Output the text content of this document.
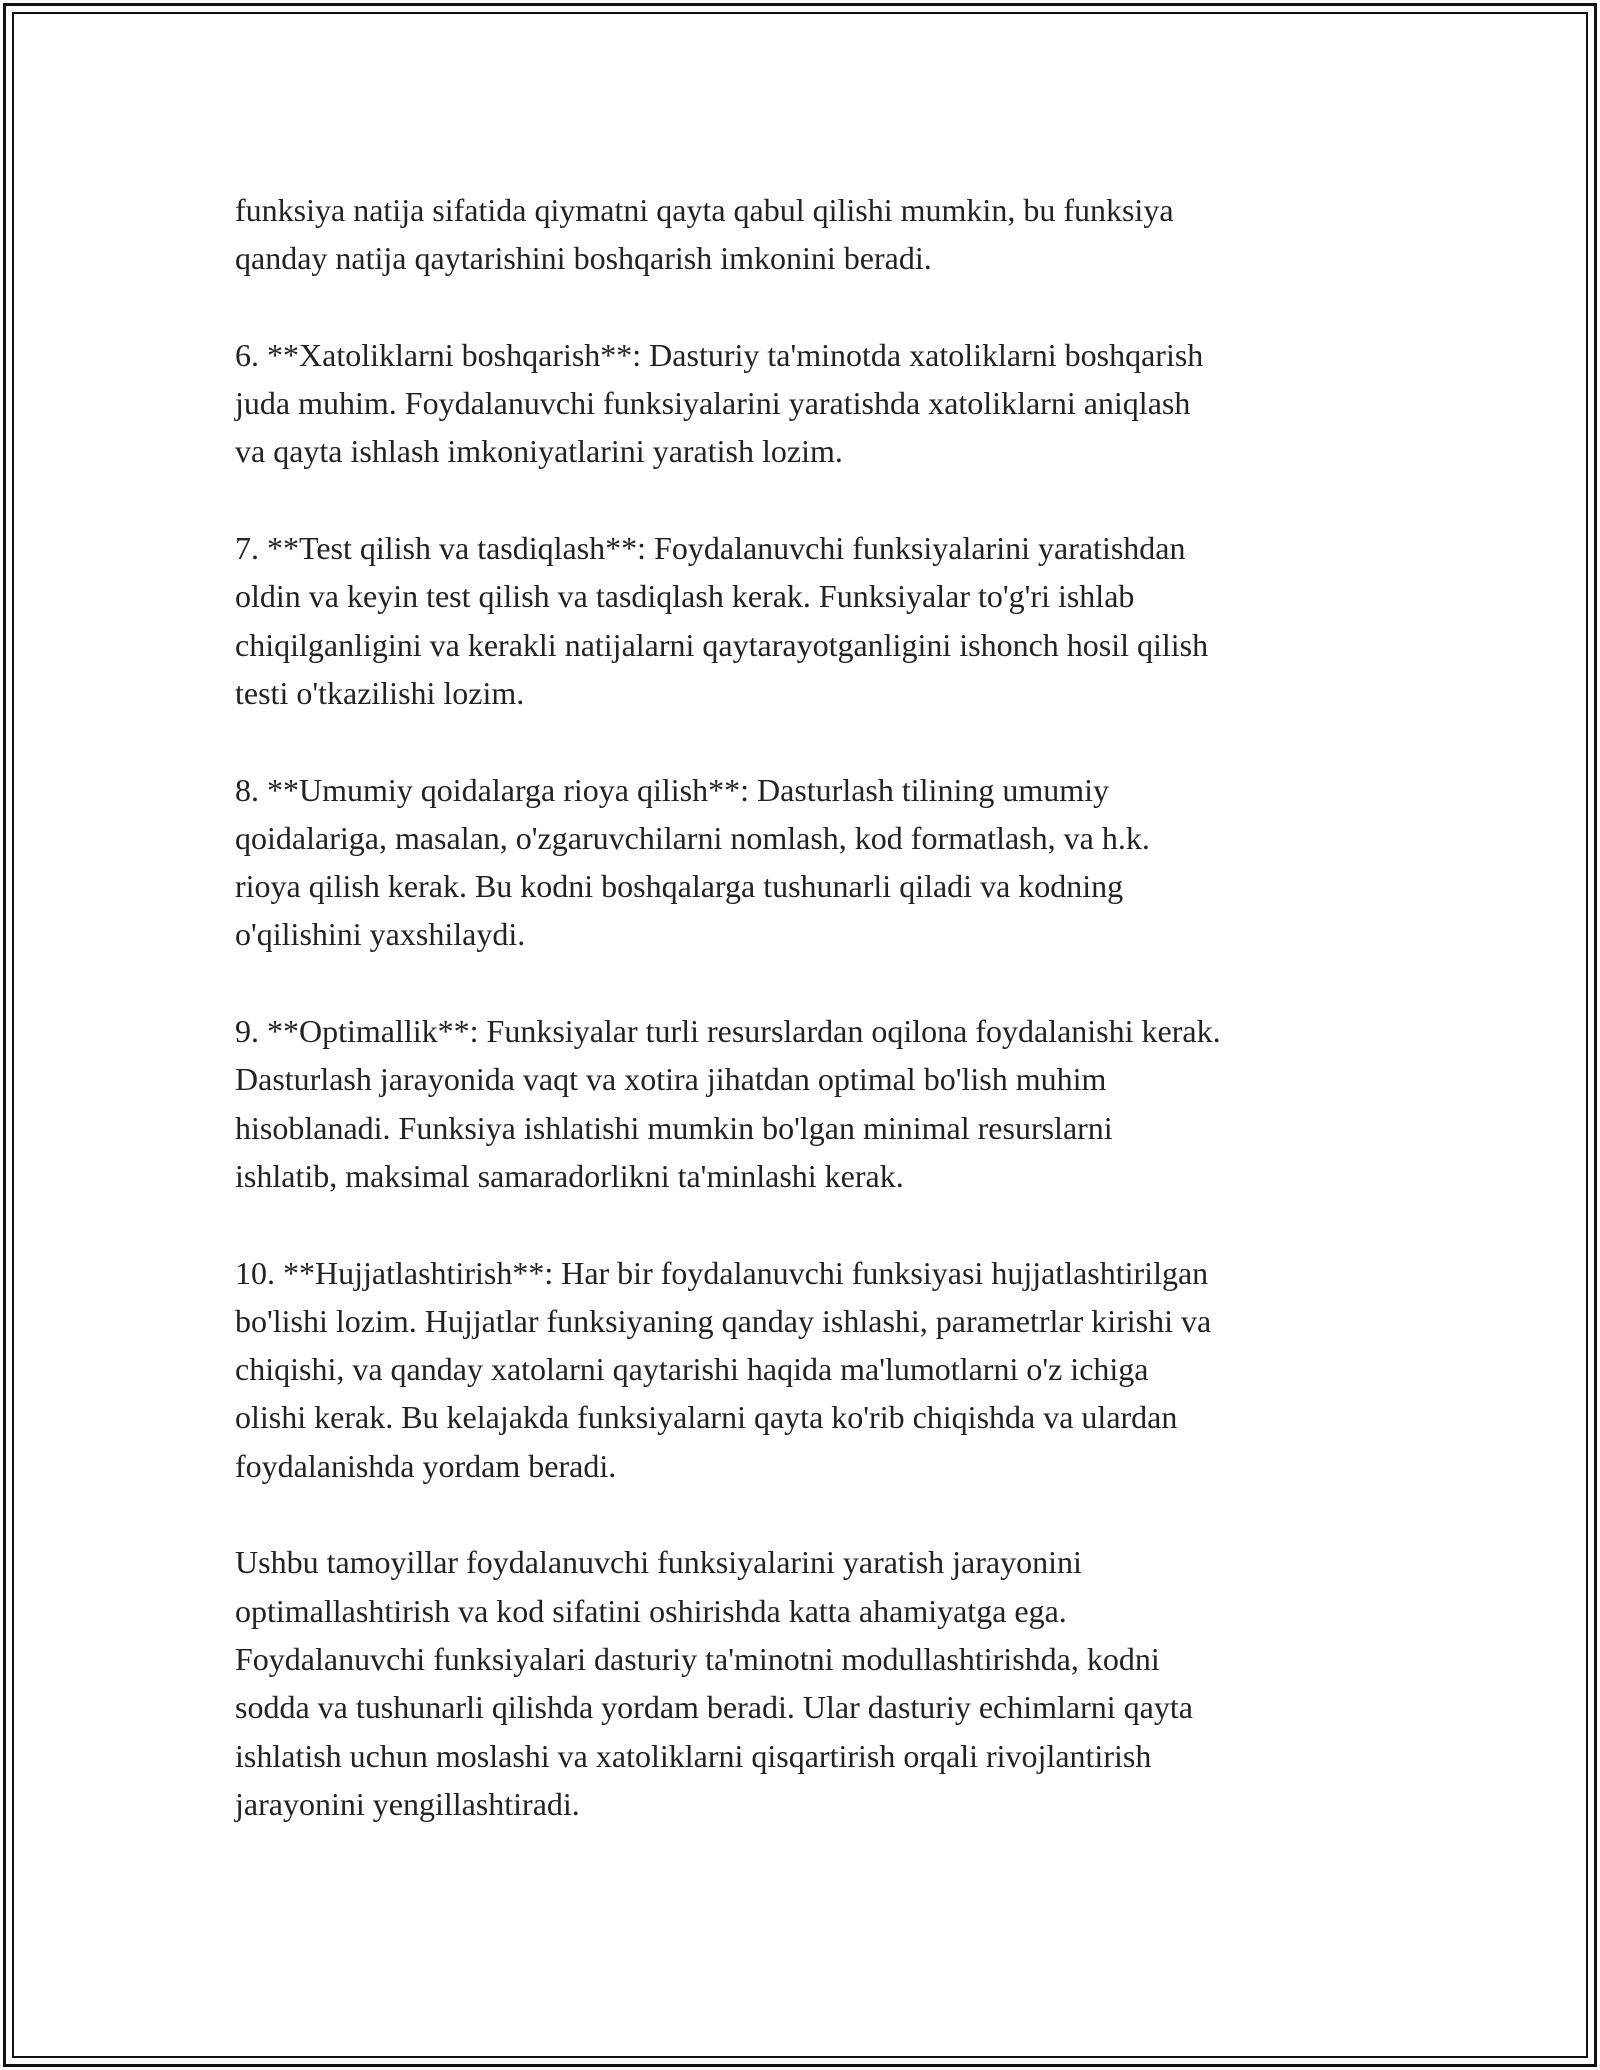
funksiya natija sifatida qiymatni qayta qabul qilishi mumkin, bu funksiya
qanday natija qaytarishini boshqarish imkonini beradi.

6. **Xatoliklarni boshqarish**: Dasturiy ta'minotda xatoliklarni boshqarish
juda muhim. Foydalanuvchi funksiyalarini yaratishda xatoliklarni aniqlash
va qayta ishlash imkoniyatlarini yaratish lozim.

7. **Test qilish va tasdiqlash**: Foydalanuvchi funksiyalarini yaratishdan
oldin va keyin test qilish va tasdiqlash kerak. Funksiyalar to'g'ri ishlab
chiqilganligini va kerakli natijalarni qaytarayotganligini ishonch hosil qilish
testi o'tkazilishi lozim.

8. **Umumiy qoidalarga rioya qilish**: Dasturlash tilining umumiy
qoidalariga, masalan, o'zgaruvchilarni nomlash, kod formatlash, va h.k.
rioya qilish kerak. Bu kodni boshqalarga tushunarli qiladi va kodning
o'qilishini yaxshilaydi.

9. **Optimallik**: Funksiyalar turli resurslardan oqilona foydalanishi kerak.
Dasturlash jarayonida vaqt va xotira jihatdan optimal bo'lish muhim
hisoblanadi. Funksiya ishlatishi mumkin bo'lgan minimal resurslarni
ishlatib, maksimal samaradorlikni ta'minlashi kerak.

10. **Hujjatlashtirish**: Har bir foydalanuvchi funksiyasi hujjatlashtirilgan
bo'lishi lozim. Hujjatlar funksiyaning qanday ishlashi, parametrlar kirishi va
chiqishi, va qanday xatolarni qaytarishi haqida ma'lumotlarni o'z ichiga
olishi kerak. Bu kelajakda funksiyalarni qayta ko'rib chiqishda va ulardan
foydalanishda yordam beradi.

Ushbu tamoyillar foydalanuvchi funksiyalarini yaratish jarayonini
optimallashtirish va kod sifatini oshirishda katta ahamiyatga ega.
Foydalanuvchi funksiyalari dasturiy ta'minotni modullashtirishda, kodni
sodda va tushunarli qilishda yordam beradi. Ular dasturiy echimlarni qayta
ishlatish uchun moslashi va xatoliklarni qisqartirish orqali rivojlantirish
jarayonini yengillashtiradi.
